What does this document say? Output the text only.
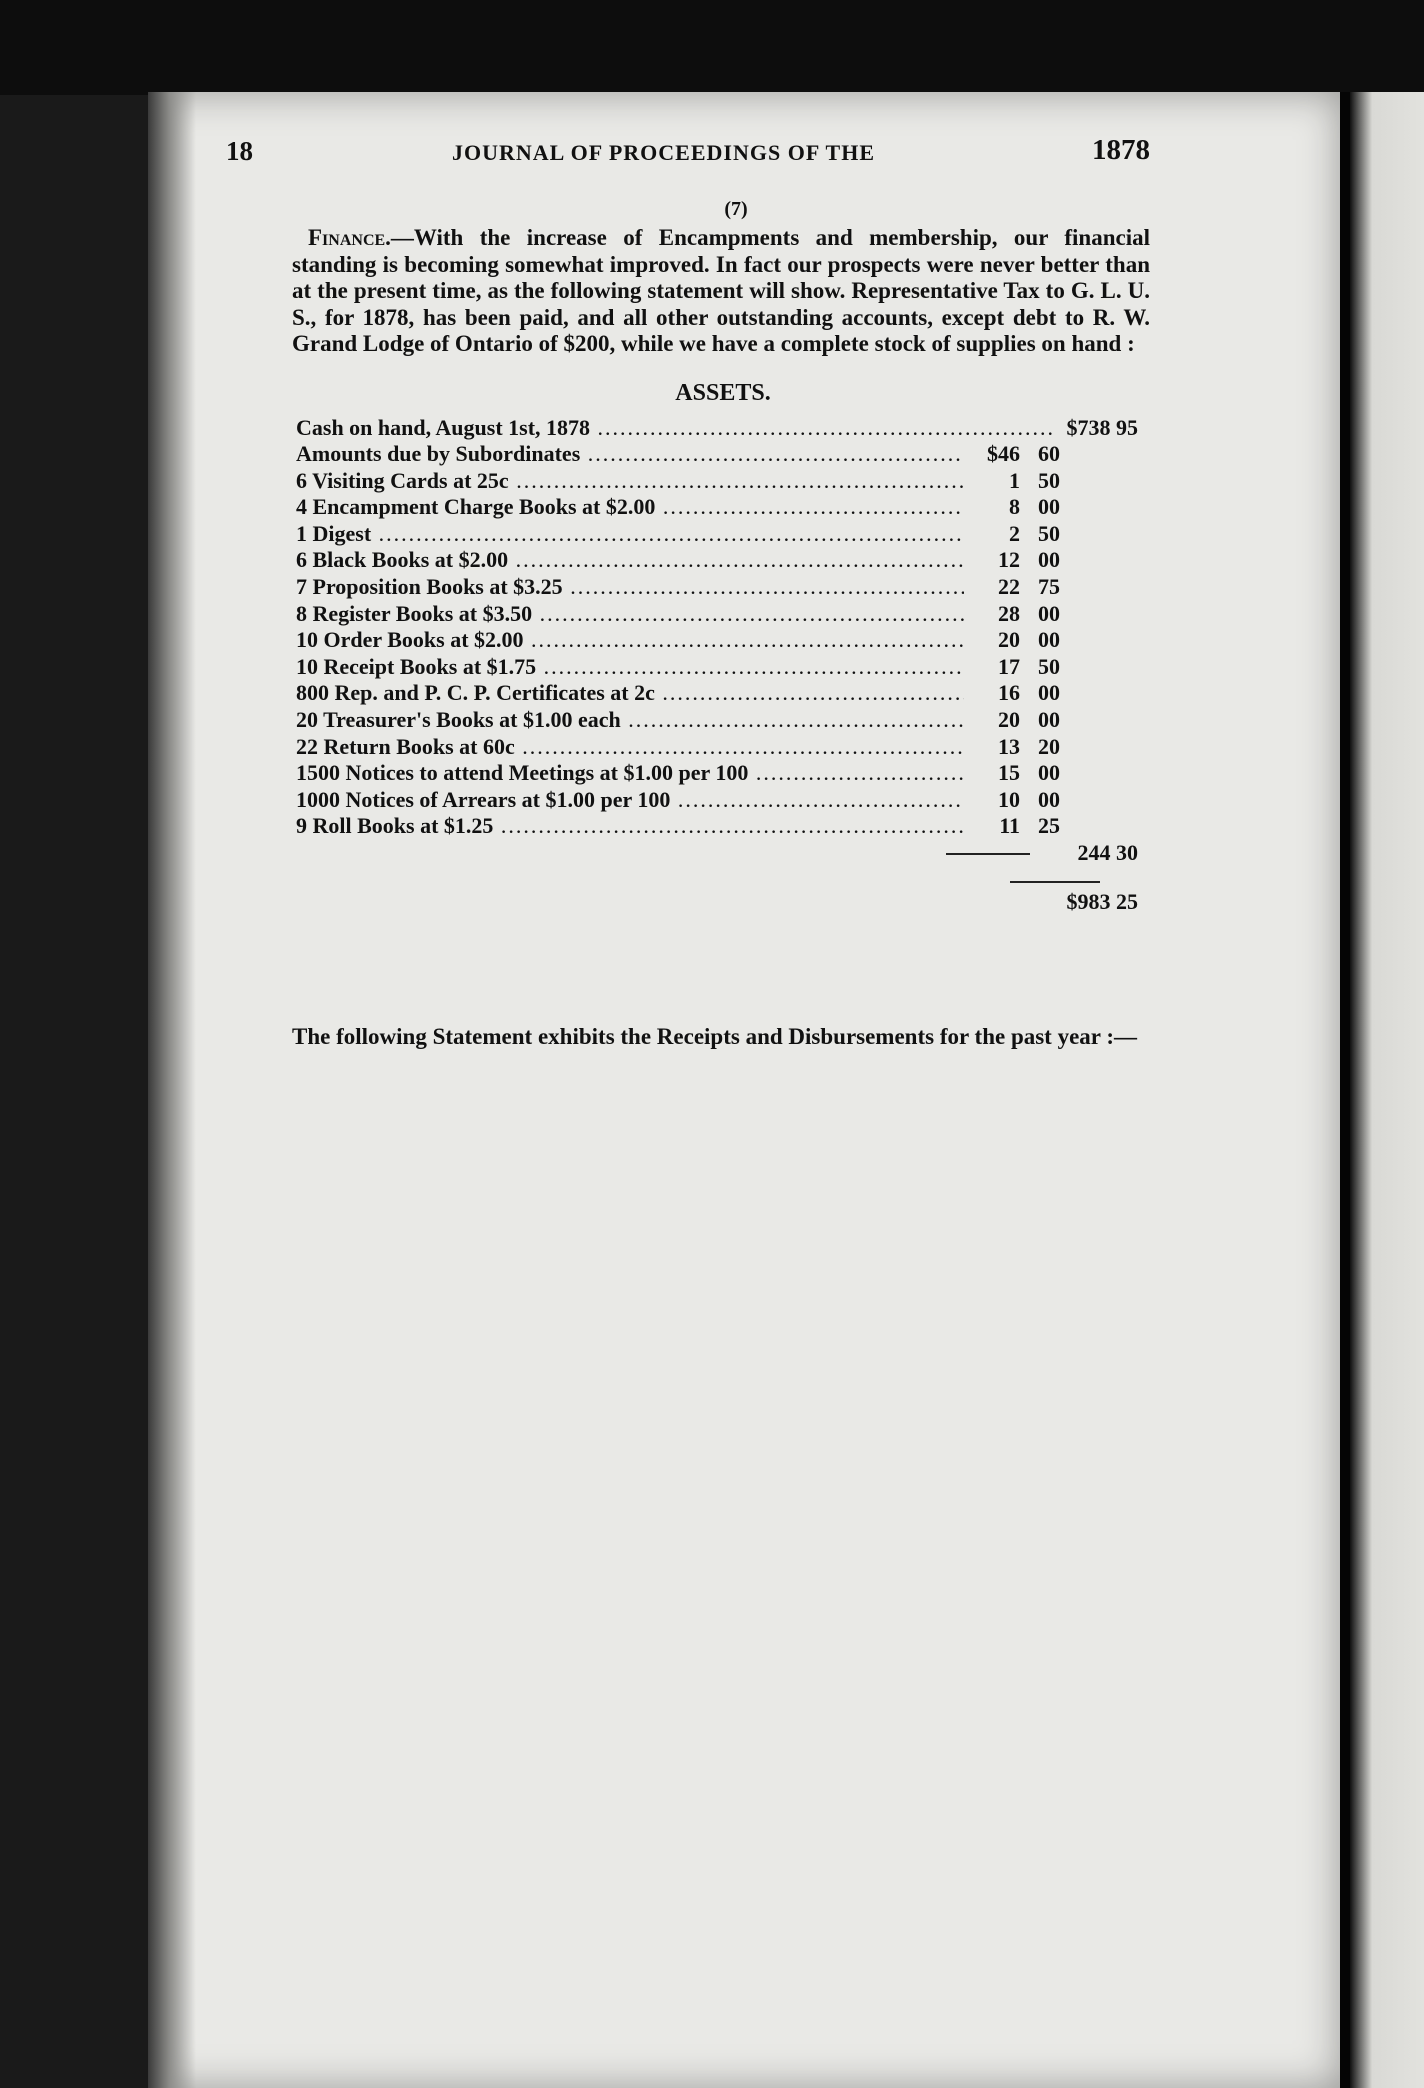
18	JOURNAL OF PROCEEDINGS OF THE	1878
(7)

Finance.—With the increase of Encampments and membership, our financial standing is becoming somewhat improved. In fact our prospects were never better than at the present time, as the following statement will show. Representative Tax to G. L. U. S., for 1878, has been paid, and all other outstanding accounts, except debt to R. W. Grand Lodge of Ontario of $200, while we have a complete stock of supplies on hand :

ASSETS.
Cash on hand, August 1st, 1878 .....	$738 95
Amounts due by Subordinates .....	$46 60
6 Visiting Cards at 25c .....	1 50
4 Encampment Charge Books at $2.00 .....	8 00
1 Digest .....	2 50
6 Black Books at $2.00 .....	12 00
7 Proposition Books at $3.25 .....	22 75
8 Register Books at $3.50 .....	28 00
10 Order Books at $2.00 .....	20 00
10 Receipt Books at $1.75 .....	17 50
800 Rep. and P. C. P. Certificates at 2c .....	16 00
20 Treasurer's Books at $1.00 each .....	20 00
22 Return Books at 60c .....	13 20
1500 Notices to attend Meetings at $1.00 per 100 .....	15 00
1000 Notices of Arrears at $1.00 per 100 .....	10 00
9 Roll Books at $1.25 .....	11 25
244 30
$983 25

The following Statement exhibits the Receipts and Disbursements for the past year :—
